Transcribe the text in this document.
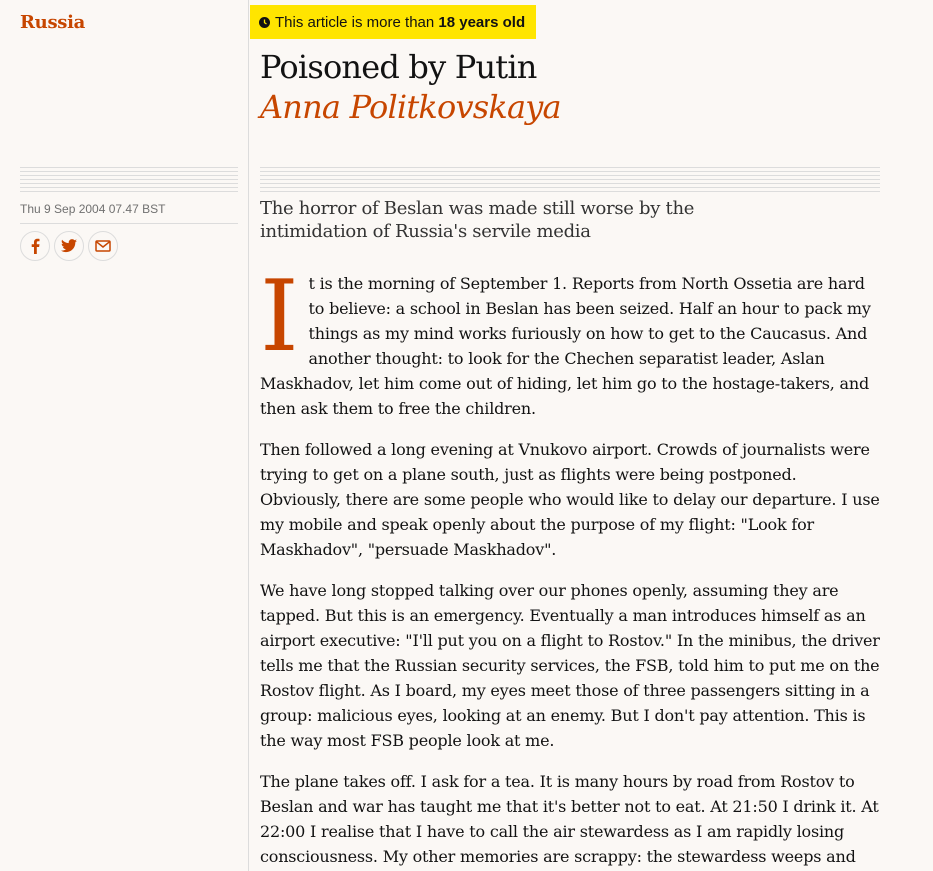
Russia
Thu 9 Sep 2004 07.47 BST
This article is more than 18 years old
Poisoned by Putin
Anna Politkovskaya

The horror of Beslan was made still worse by the intimidation of Russia's servile media

It is the morning of September 1. Reports from North Ossetia are hard to believe: a school in Beslan has been seized. Half an hour to pack my things as my mind works furiously on how to get to the Caucasus. And another thought: to look for the Chechen separatist leader, Aslan Maskhadov, let him come out of hiding, let him go to the hostage-takers, and then ask them to free the children.

Then followed a long evening at Vnukovo airport. Crowds of journalists were trying to get on a plane south, just as flights were being postponed. Obviously, there are some people who would like to delay our departure. I use my mobile and speak openly about the purpose of my flight: "Look for Maskhadov", "persuade Maskhadov".

We have long stopped talking over our phones openly, assuming they are tapped. But this is an emergency. Eventually a man introduces himself as an airport executive: "I'll put you on a flight to Rostov." In the minibus, the driver tells me that the Russian security services, the FSB, told him to put me on the Rostov flight. As I board, my eyes meet those of three passengers sitting in a group: malicious eyes, looking at an enemy. But I don't pay attention. This is the way most FSB people look at me.

The plane takes off. I ask for a tea. It is many hours by road from Rostov to Beslan and war has taught me that it's better not to eat. At 21:50 I drink it. At 22:00 I realise that I have to call the air stewardess as I am rapidly losing consciousness. My other memories are scrappy: the stewardess weeps and
